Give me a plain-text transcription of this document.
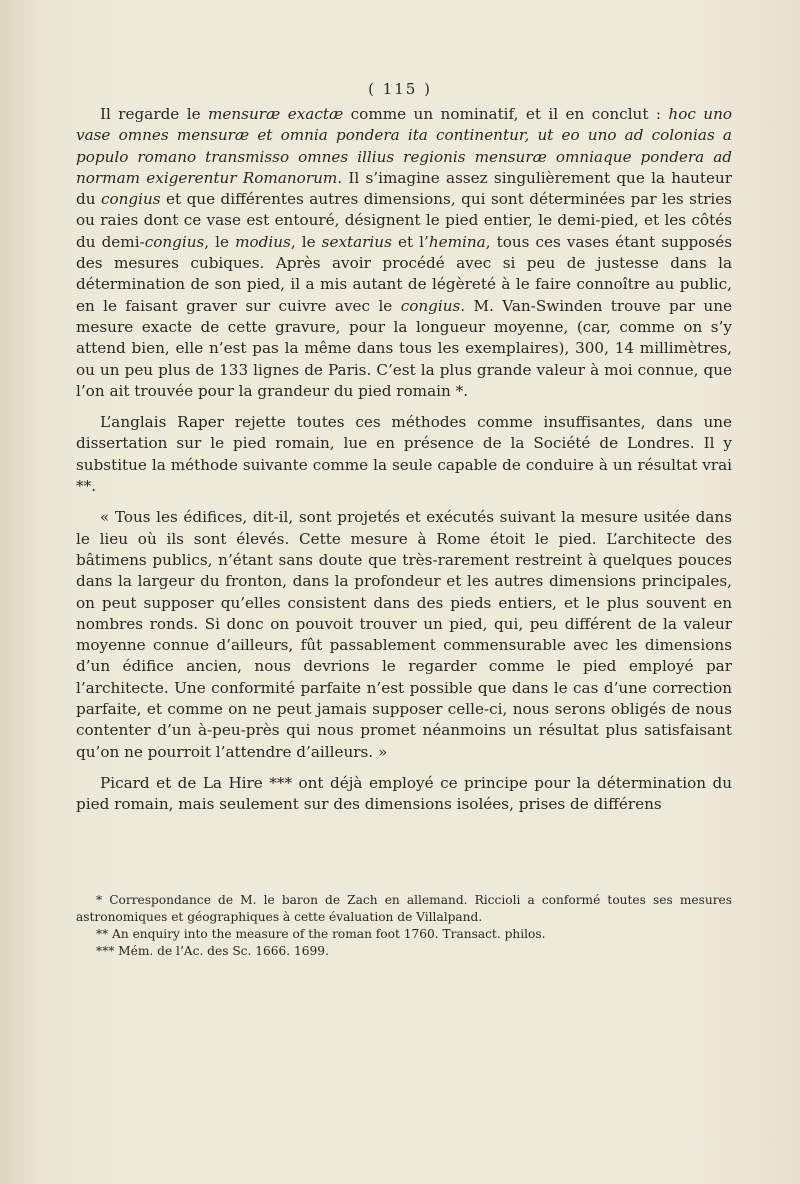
( 115 )

Il regarde le mensuræ exactæ comme un nominatif, et il en conclut : hoc uno vase omnes mensuræ et omnia pondera ita continentur, ut eo uno ad colonias a populo romano transmisso omnes illius regionis mensuræ omniaque pondera ad normam exigerentur Romanorum. Il s’imagine assez singulièrement que la hauteur du congius et que différentes autres dimensions, qui sont déterminées par les stries ou raies dont ce vase est entouré, désignent le pied entier, le demi-pied, et les côtés du demi-congius, le modius, le sextarius et l’hemina, tous ces vases étant supposés des mesures cubiques. Après avoir procédé avec si peu de justesse dans la détermination de son pied, il a mis autant de légèreté à le faire connoître au public, en le faisant graver sur cuivre avec le congius. M. Van-Swinden trouve par une mesure exacte de cette gravure, pour la longueur moyenne, (car, comme on s’y attend bien, elle n’est pas la même dans tous les exemplaires), 300, 14 millimètres, ou un peu plus de 133 lignes de Paris. C’est la plus grande valeur à moi connue, que l’on ait trouvée pour la grandeur du pied romain *.

L’anglais Raper rejette toutes ces méthodes comme insuffisantes, dans une dissertation sur le pied romain, lue en présence de la Société de Londres. Il y substitue la méthode suivante comme la seule capable de conduire à un résultat vrai **.

« Tous les édifices, dit-il, sont projetés et exécutés suivant la mesure usitée dans le lieu où ils sont élevés. Cette mesure à Rome étoit le pied. L’architecte des bâtimens publics, n’étant sans doute que très-rarement restreint à quelques pouces dans la largeur du fronton, dans la profondeur et les autres dimensions principales, on peut supposer qu’elles consistent dans des pieds entiers, et le plus souvent en nombres ronds. Si donc on pouvoit trouver un pied, qui, peu différent de la valeur moyenne connue d’ailleurs, fût passablement commensurable avec les dimensions d’un édifice ancien, nous devrions le regarder comme le pied employé par l’architecte. Une conformité parfaite n’est possible que dans le cas d’une correction parfaite, et comme on ne peut jamais supposer celle-ci, nous serons obligés de nous contenter d’un à-peu-près qui nous promet néanmoins un résultat plus satisfaisant qu’on ne pourroit l’attendre d’ailleurs. »

Picard et de La Hire *** ont déjà employé ce principe pour la détermination du pied romain, mais seulement sur des dimensions isolées, prises de différens

* Correspondance de M. le baron de Zach en allemand. Riccioli a conformé toutes ses mesures astronomiques et géographiques à cette évaluation de Villalpand.

** An enquiry into the measure of the roman foot 1760. Transact. philos.

*** Mém. de l’Ac. des Sc. 1666. 1699.
